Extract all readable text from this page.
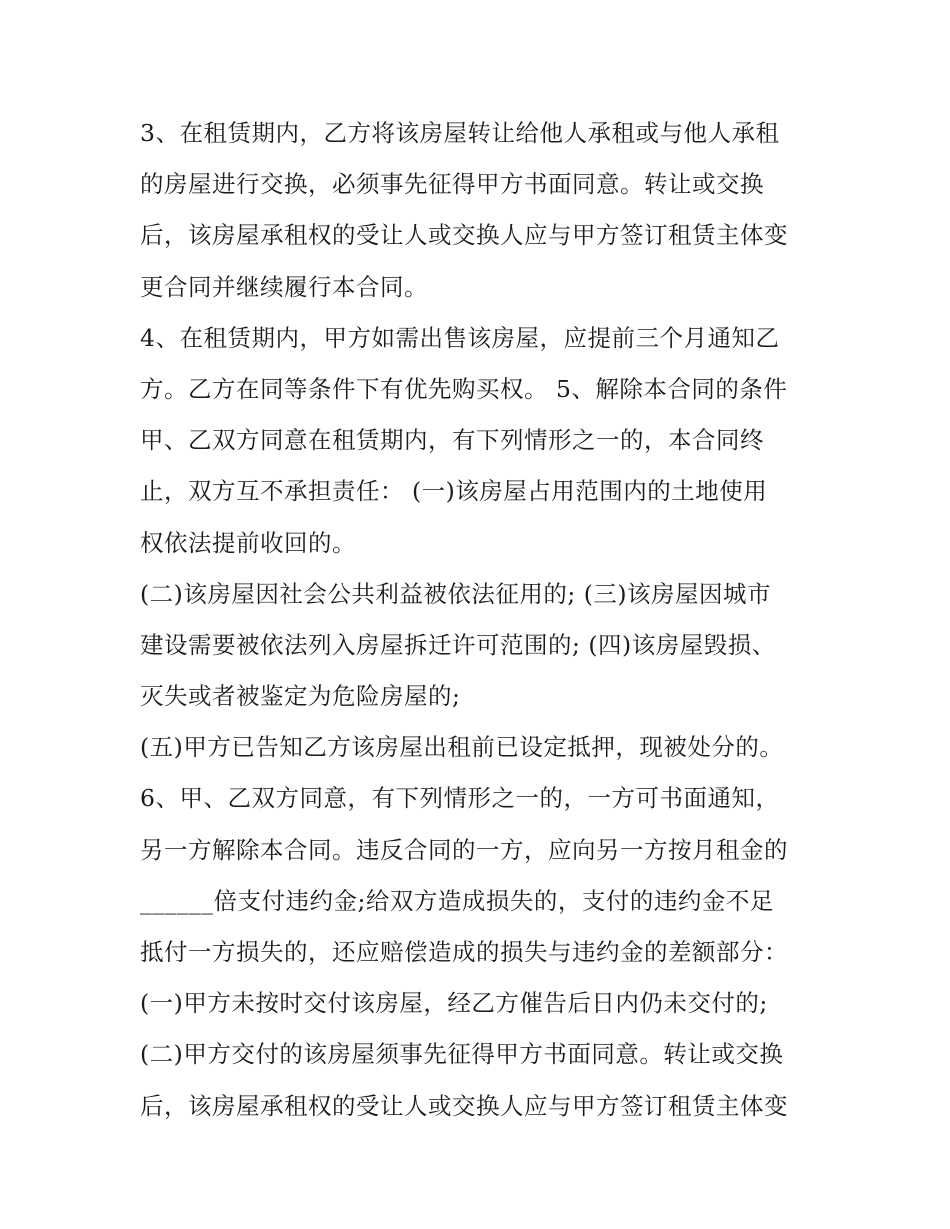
3、在租赁期内，乙方将该房屋转让给他人承租或与他人承租
的房屋进行交换，必须事先征得甲方书面同意。转让或交换
后，该房屋承租权的受让人或交换人应与甲方签订租赁主体变
更合同并继续履行本合同。
4、在租赁期内，甲方如需出售该房屋，应提前三个月通知乙
方。乙方在同等条件下有优先购买权。 5、解除本合同的条件
甲、乙双方同意在租赁期内，有下列情形之一的，本合同终
止，双方互不承担责任： (一)该房屋占用范围内的土地使用
权依法提前收回的。
(二)该房屋因社会公共利益被依法征用的; (三)该房屋因城市
建设需要被依法列入房屋拆迁许可范围的; (四)该房屋毁损、
灭失或者被鉴定为危险房屋的;
(五)甲方已告知乙方该房屋出租前已设定抵押，现被处分的。
6、甲、乙双方同意，有下列情形之一的，一方可书面通知，
另一方解除本合同。违反合同的一方，应向另一方按月租金的
______倍支付违约金;给双方造成损失的，支付的违约金不足
抵付一方损失的，还应赔偿造成的损失与违约金的差额部分：
(一)甲方未按时交付该房屋，经乙方催告后日内仍未交付的;
(二)甲方交付的该房屋须事先征得甲方书面同意。转让或交换
后，该房屋承租权的受让人或交换人应与甲方签订租赁主体变
